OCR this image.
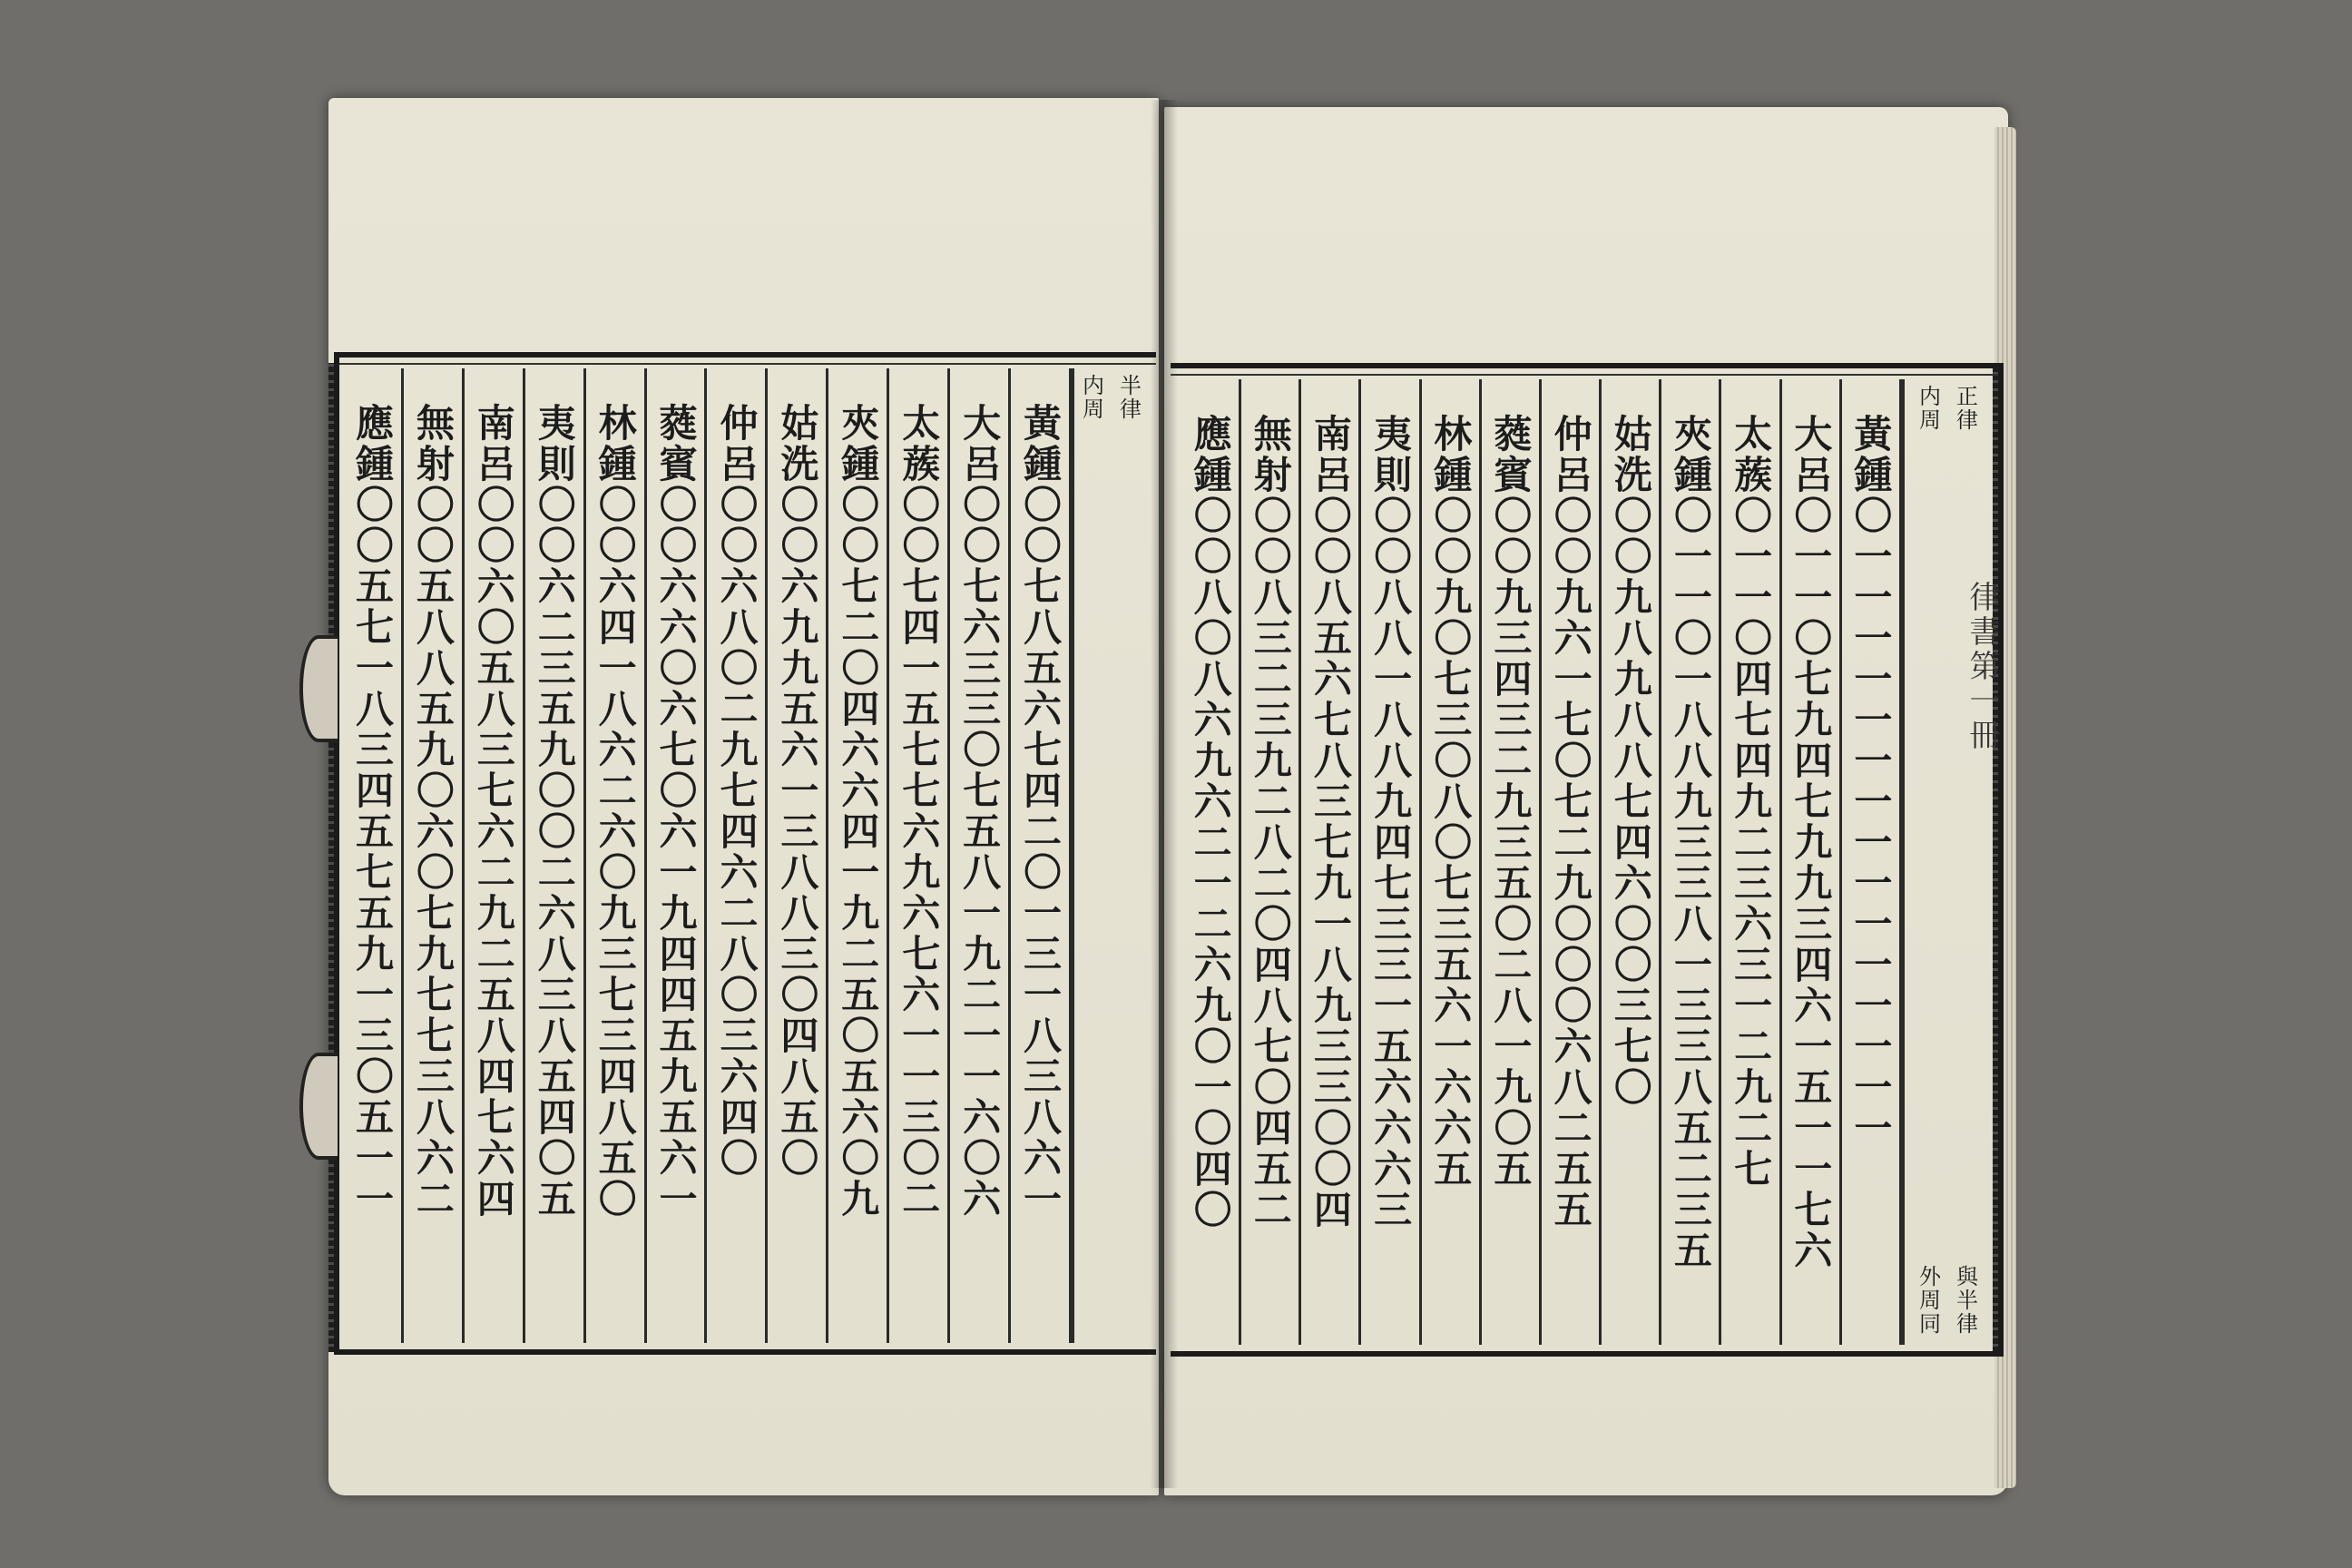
律書第一冊
半律
内周
黃鍾〇〇七八五六七四二〇一三一八三八六一
大呂〇〇七六三三〇七五八一九二一一六〇六
太蔟〇〇七四一五七七六九六七六一一三〇二
夾鍾〇〇七二〇四六六四一九二五〇五六〇九
姑洗〇〇六九九五六一三八八三〇四八五〇
仲呂〇〇六八〇二九七四六二八〇三六四〇
蕤賓〇〇六六〇六七〇六一九四四五九五六一
林鍾〇〇六四一八六二六〇九三七三四八五〇
夷則〇〇六二三五九〇〇二六八三八五四〇五
南呂〇〇六〇五八三七六二九二五八四七六四
無射〇〇五八八五九〇六〇七九七七三八六二
應鍾〇〇五七一八三四五七五九一三〇五一一	正律
内周
與半律
外周同
黃鍾〇一一一一一一一一一一一一一一一
大呂〇一一〇七九四七九九三四六一五一一七六
太蔟〇一一〇四七四九二三六三一二九二七
夾鍾〇一一〇一八八九三三八一三三八五二三五
姑洗〇〇九八九八八七四六〇〇三七〇
仲呂〇〇九六一七〇七二九〇〇〇六八二五五
蕤賓〇〇九三四三二九三五〇二八一九〇五
林鍾〇〇九〇七三〇八〇七三五六一六六五
夷則〇〇八八一八八九四七三三一五六六六三
南呂〇〇八五六七八三七九一八九三三〇〇四
無射〇〇八三二三九二八二〇四八七〇四五二
應鍾〇〇八〇八六九六二一二六九〇一〇四〇
